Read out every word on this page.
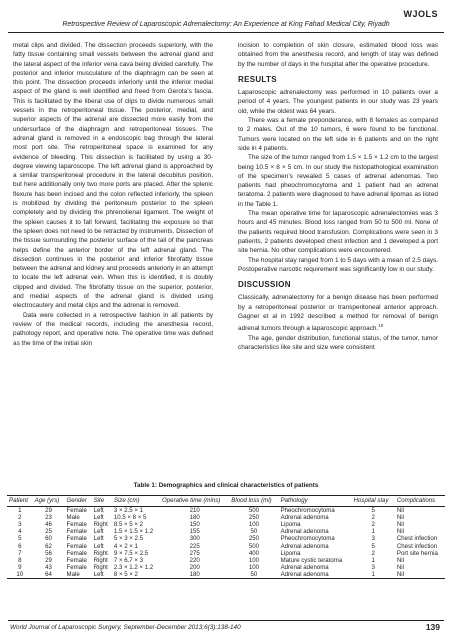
WJOLS
Retrospective Review of Laparoscopic Adrenalectomy: An Experience at King Fahad Medical City, Riyadh

metal clips and divided. The dissection proceeds superiorly, with the fatty tissue containing small vessels between the adrenal gland and the lateral aspect of the inferior vena cava being divided carefully. The posterior and inferior musculature of the diaphragm can be seen at this point. The dissection proceeds inferiorly until the inferior medial aspect of the gland is well identified and freed from Gerota’s fascia. This is facilitated by the liberal use of clips to divide numerous small vessels in the retroperitoneal tissue. The posterior, medial, and superior aspects of the adrenal are dissected more easily from the undersurface of the diaphragm and retroperitoneal tissues. The adrenal gland is removed in a endoscopic bag through the lateral most port site. The retroperitoneal space is examined for any evidence of bleeding. This dissection is facilitated by using a 30-degree viewing laparoscope. The left adrenal gland is approached by a similar transperitoneal procedure in the lateral decubitus position, but here additionally only two more ports are placed. After the splenic flexure has been incised and the colon reflected inferiorly, the spleen is mobilized by dividing the peritoneum posterior to the spleen completely and by dividing the phrenolienal ligament. The weight of the spleen causes it to fall forward, facilitating the exposure so that the spleen does not need to be retracted by instruments. Dissection of the tissue surrounding the posterior surface of the tail of the pancreas helps define the anterior border of the left adrenal gland. The dissection continues in the posterior and inferior fibrofatty tissue between the adrenal and kidney and proceeds anteriorly in an attempt to locate the left adrenal vein. When this is identified, it is doubly clipped and divided. The fibrofatty tissue on the superior, posterior, and medial aspects of the adrenal gland is divided using electrocautery and metal clips and the adrenal is removed.

Data were collected in a retrospective fashion in all patients by review of the medical records, including the anesthesia record, pathology report, and operative note. The operative time was defined as the time of the initial skin

incision to completion of skin closure, estimated blood loss was obtained from the anesthesia record, and length of stay was defined by the number of days in the hospital after the operative procedure.

RESULTS

Laparoscopic adrenalectomy was performed in 10 patients over a period of 4 years. The youngest patients in our study was 23 years old, while the oldest was 64 years.

There was a female preponderance, with 8 females as compared to 2 males. Out of the 10 tumors, 6 were found to be functional. Tumors were located on the left side in 6 patients and on the right side in 4 patients.

The size of the tumor ranged from 1.5 × 1.5 × 1.2 cm to the largest being 10.5 × 8 × 5 cm. In our study the histopathological examination of the specimen’s revealed 5 cases of adrenal adenomas. Two patients had pheochromocytoma and 1 patient had an adrenal teratoma. 2 patients were diagnosed to have adrenal lipomas as listed in the Table 1.

The mean operative time for laparoscopic adrenalectomies was 3 hours and 45 minutes. Blood loss ranged from 50 to 500 ml. None of the patients required blood transfusion. Complications were seen in 3 patients, 2 patients developed chest infection and 1 developed a port site hernia. No other complications were encountered.

The hospital stay ranged from 1 to 5 days with a mean of 2.5 days. Postoperative narcotic requirement was significantly low in our study.

DISCUSSION

Classically, adrenalectomy for a benign disease has been performed by a retroperitoneal posterior or transperitoneal anterior approach. Gagner et al in 1992 described a method for removal of benign adrenal tumors through a laparoscopic approach.$^{10}$

The age, gender distribution, functional status, of the tumor, tumor characteristics like site and size were consistent

Table 1: Demographics and clinical characteristics of patients
Patient	Age (yrs)	Gender	Site	Size (cm)	Operative time (mins)	Blood loss (ml)	Pathology	Hospital stay	Complications
1	29	Female	Left	3 × 2.5 × 1	210	500	Pheochromocytoma	5	Nil
2	23	Male	Left	10.5 × 8 × 5	180	250	Adrenal adenoma	2	Nil
3	46	Female	Right	8.5 × 5 × 2	150	100	Lipoma	2	Nil
4	25	Female	Left	1.5 × 1.5 × 1.2	155	50	Adrenal adenoma	1	Nil
5	60	Female	Left	5 × 3 × 2.5	300	250	Pheochromocytoma	3	Chest infection
6	62	Female	Left	4 × 2 × 1	225	500	Adrenal adenoma	5	Chest infection
7	56	Female	Right	9 × 7.5 × 2.5	275	400	Lipoma	2	Port site hernia
8	29	Female	Right	7 × 6.7 × 3	220	100	Mature cystic teratoma	1	Nil
9	43	Female	Right	2.3 × 1.2 × 1.2	200	100	Adrenal adenoma	3	Nil
10	64	Male	Left	8 × 5 × 2	180	50	Adrenal adenoma	1	Nil
World Journal of Laparoscopic Surgery, September-December 2013;6(3):138-140	139
